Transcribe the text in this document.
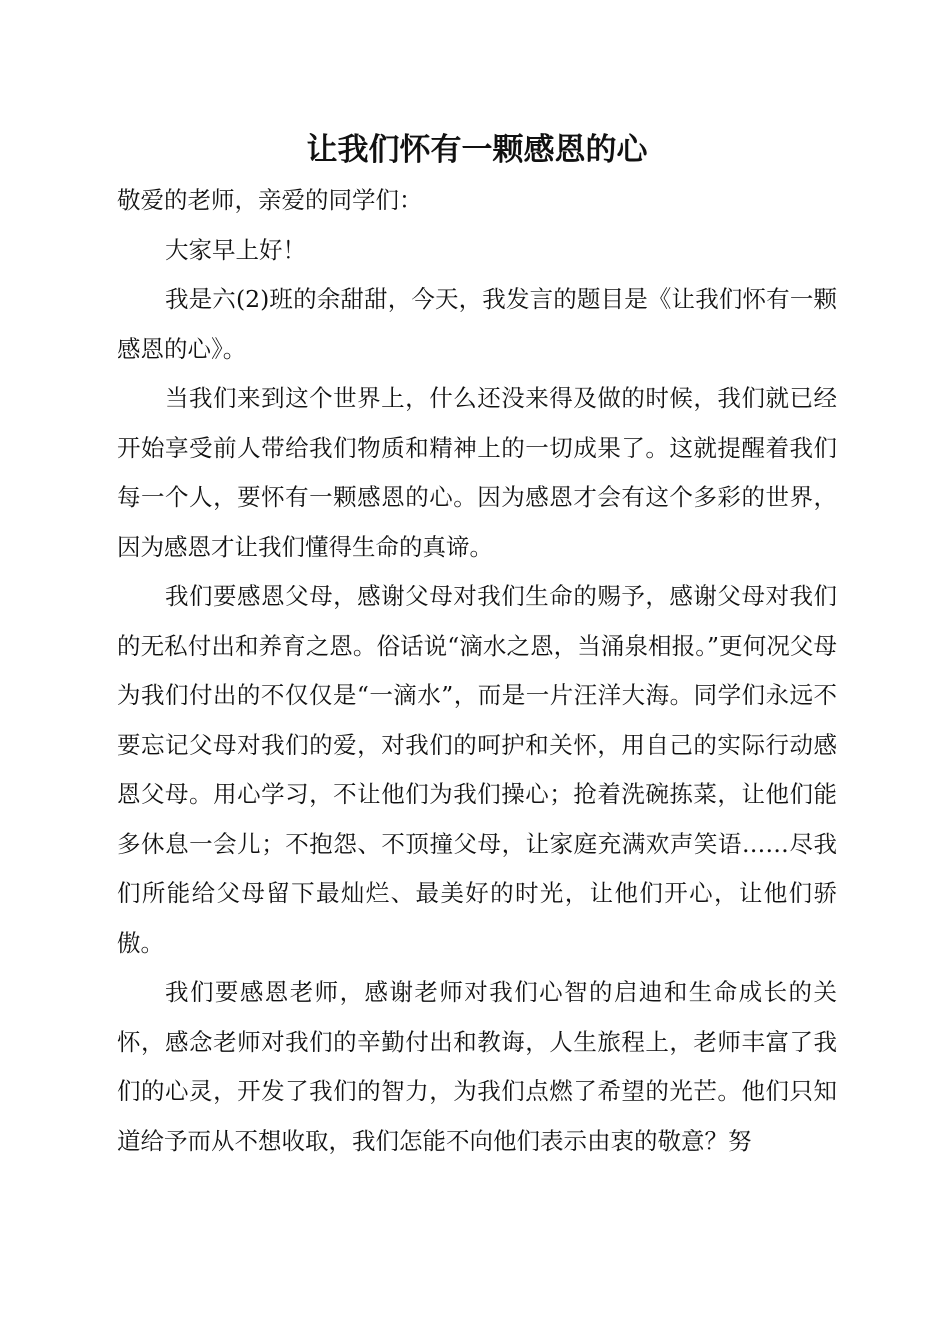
让我们怀有一颗感恩的心

敬爱的老师，亲爱的同学们：

大家早上好！

我是六(2)班的余甜甜，今天，我发言的题目是《让我们怀有一颗感恩的心》。

当我们来到这个世界上，什么还没来得及做的时候，我们就已经开始享受前人带给我们物质和精神上的一切成果了。这就提醒着我们每一个人，要怀有一颗感恩的心。因为感恩才会有这个多彩的世界，因为感恩才让我们懂得生命的真谛。

我们要感恩父母，感谢父母对我们生命的赐予，感谢父母对我们的无私付出和养育之恩。俗话说“滴水之恩，当涌泉相报。”更何况父母为我们付出的不仅仅是“一滴水”，而是一片汪洋大海。同学们永远不要忘记父母对我们的爱，对我们的呵护和关怀，用自己的实际行动感恩父母。用心学习，不让他们为我们操心；抢着洗碗拣菜，让他们能多休息一会儿；不抱怨、不顶撞父母，让家庭充满欢声笑语……尽我们所能给父母留下最灿烂、最美好的时光，让他们开心，让他们骄傲。

我们要感恩老师，感谢老师对我们心智的启迪和生命成长的关怀，感念老师对我们的辛勤付出和教诲，人生旅程上，老师丰富了我们的心灵，开发了我们的智力，为我们点燃了希望的光芒。他们只知道给予而从不想收取，我们怎能不向他们表示由衷的敬意？努
